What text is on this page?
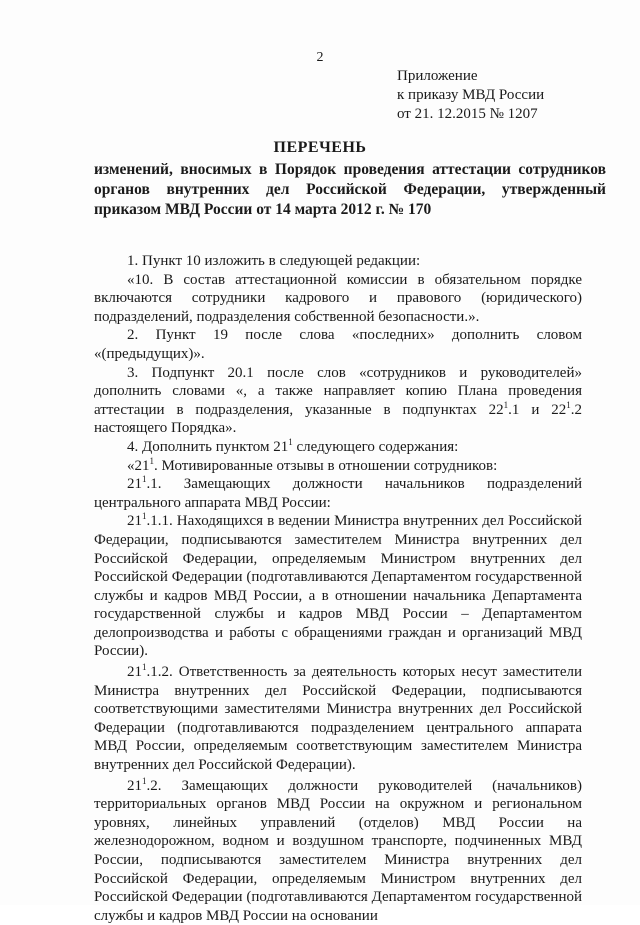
2
Приложение
к приказу МВД России
от 21. 12.2015 № 1207
ПЕРЕЧЕНЬ
изменений, вносимых в Порядок проведения аттестации сотрудников органов внутренних дел Российской Федерации, утвержденный приказом МВД России от 14 марта 2012 г. № 170

1. Пункт 10 изложить в следующей редакции:

«10. В состав аттестационной комиссии в обязательном порядке включаются сотрудники кадрового и правового (юридического) подразделений, подразделения собственной безопасности.».

2. Пункт 19 после слова «последних» дополнить словом «(предыдущих)».

3. Подпункт 20.1 после слов «сотрудников и руководителей» дополнить словами «, а также направляет копию Плана проведения аттестации в подразделения, указанные в подпунктах $22^1.1$ и $22^1.2$ настоящего Порядка».

4. Дополнить пунктом $21^1$ следующего содержания:

«$21^1$. Мотивированные отзывы в отношении сотрудников:

$21^1.1$. Замещающих должности начальников подразделений центрального аппарата МВД России:

$21^1.1.1$. Находящихся в ведении Министра внутренних дел Российской Федерации, подписываются заместителем Министра внутренних дел Российской Федерации, определяемым Министром внутренних дел Российской Федерации (подготавливаются Департаментом государственной службы и кадров МВД России, а в отношении начальника Департамента государственной службы и кадров МВД России – Департаментом делопроизводства и работы с обращениями граждан и организаций МВД России).

$21^1.1.2$. Ответственность за деятельность которых несут заместители Министра внутренних дел Российской Федерации, подписываются соответствующими заместителями Министра внутренних дел Российской Федерации (подготавливаются подразделением центрального аппарата МВД России, определяемым соответствующим заместителем Министра внутренних дел Российской Федерации).

$21^1.2$. Замещающих должности руководителей (начальников) территориальных органов МВД России на окружном и региональном уровнях, линейных управлений (отделов) МВД России на железнодорожном, водном и воздушном транспорте, подчиненных МВД России, подписываются заместителем Министра внутренних дел Российской Федерации, определяемым Министром внутренних дел Российской Федерации (подготавливаются Департаментом государственной службы и кадров МВД России на основании
